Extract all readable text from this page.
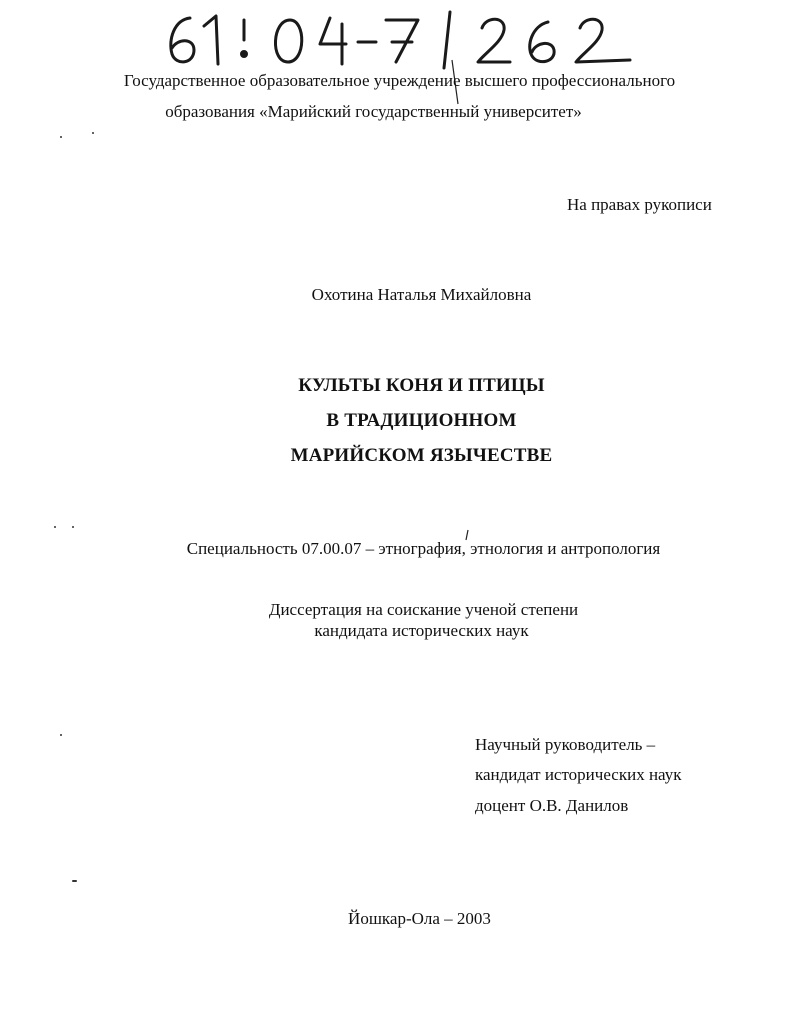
Государственное образовательное учреждение высшего профессионального
образования «Марийский государственный университет»
На правах рукописи
Охотина Наталья Михайловна
КУЛЬТЫ КОНЯ И ПТИЦЫ
В ТРАДИЦИОННОМ
МАРИЙСКОМ ЯЗЫЧЕСТВЕ
Специальность 07.00.07 – этнография, этнология и антропология
Диссертация на соискание ученой степени
кандидата исторических наук
Научный руководитель –
кандидат исторических наук
доцент О.В. Данилов
Йошкар-Ола – 2003
